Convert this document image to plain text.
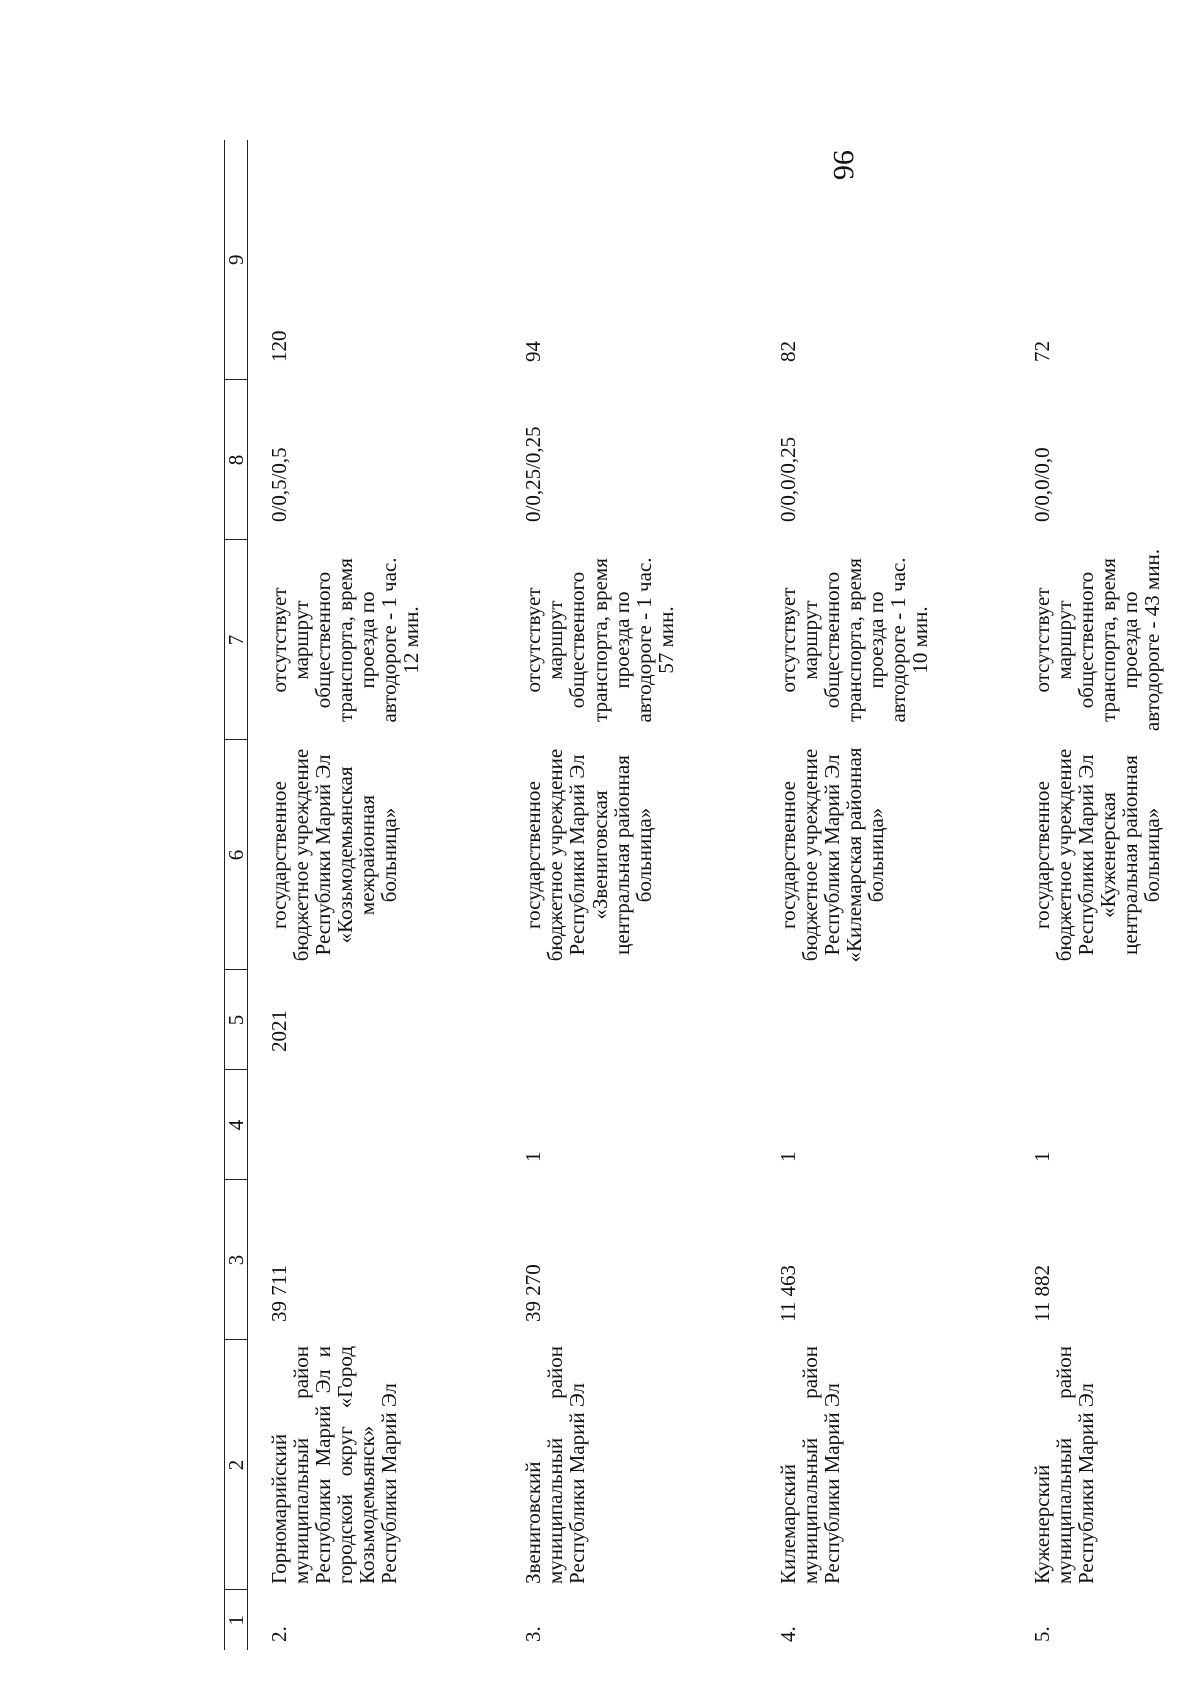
96
1	2	3	4	5	6	7	8	9
2.	Горномарийский муниципальный район Республики Марий Эл и городской округ «Город Козьмодемьянск» Республики Марий Эл	39 711		2021	государственное бюджетное учреждение Республики Марий Эл «Козьмодемьянская межрайонная больница»	отсутствует маршрут общественного транспорта, время проезда по автодороге - 1 час. 12 мин.	0/0,5/0,5	120
3.	Звениговский муниципальный район Республики Марий Эл	39 270	1		государственное бюджетное учреждение Республики Марий Эл «Звениговская центральная районная больница»	отсутствует маршрут общественного транспорта, время проезда по автодороге - 1 час. 57 мин.	0/0,25/0,25	94
4.	Килемарский муниципальный район Республики Марий Эл	11 463	1		государственное бюджетное учреждение Республики Марий Эл «Килемарская районная больница»	отсутствует маршрут общественного транспорта, время проезда по автодороге - 1 час. 10 мин.	0/0,0/0,25	82
5.	Куженерский муниципальный район Республики Марий Эл	11 882	1		государственное бюджетное учреждение Республики Марий Эл «Куженерская центральная районная больница»	отсутствует маршрут общественного транспорта, время проезда по автодороге - 43 мин.	0/0,0/0,0	72
